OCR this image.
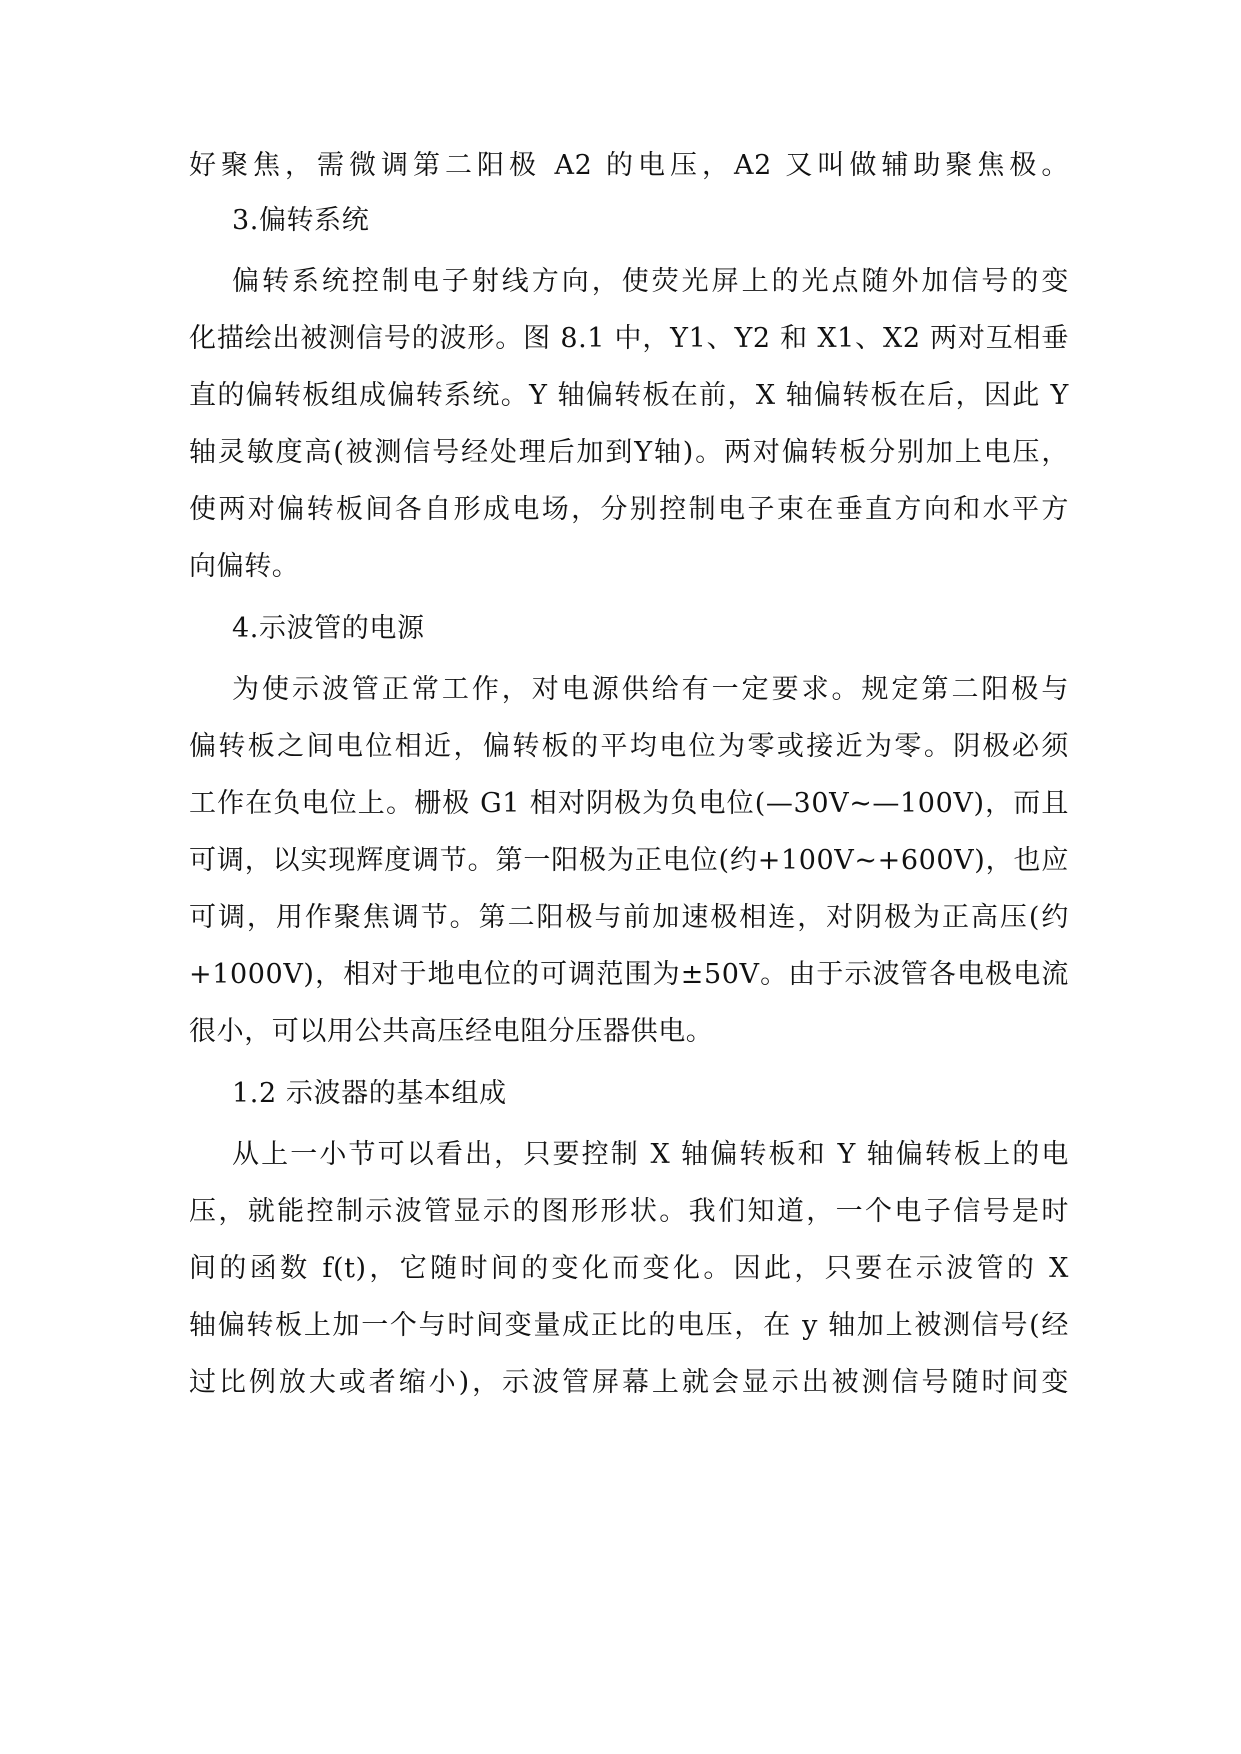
好聚焦，需微调第二阳极 A2 的电压，A2 又叫做辅助聚焦极。
3.偏转系统
偏转系统控制电子射线方向，使荧光屏上的光点随外加信号的变
化描绘出被测信号的波形。图 8.1 中，Y1、Y2 和 X1、X2 两对互相垂
直的偏转板组成偏转系统。Y 轴偏转板在前，X 轴偏转板在后，因此 Y
轴灵敏度高(被测信号经处理后加到Y轴)。两对偏转板分别加上电压，
使两对偏转板间各自形成电场，分别控制电子束在垂直方向和水平方
向偏转。
4.示波管的电源
为使示波管正常工作，对电源供给有一定要求。规定第二阳极与
偏转板之间电位相近，偏转板的平均电位为零或接近为零。阴极必须
工作在负电位上。栅极 G1 相对阴极为负电位(—30V~—100V)，而且
可调，以实现辉度调节。第一阳极为正电位(约+100V~+600V)，也应
可调，用作聚焦调节。第二阳极与前加速极相连，对阴极为正高压(约
+1000V)，相对于地电位的可调范围为±50V。由于示波管各电极电流
很小，可以用公共高压经电阻分压器供电。
1.2 示波器的基本组成
从上一小节可以看出，只要控制 X 轴偏转板和 Y 轴偏转板上的电
压，就能控制示波管显示的图形形状。我们知道，一个电子信号是时
间的函数 f(t)，它随时间的变化而变化。因此，只要在示波管的 X
轴偏转板上加一个与时间变量成正比的电压，在 y 轴加上被测信号(经
过比例放大或者缩小)，示波管屏幕上就会显示出被测信号随时间变
